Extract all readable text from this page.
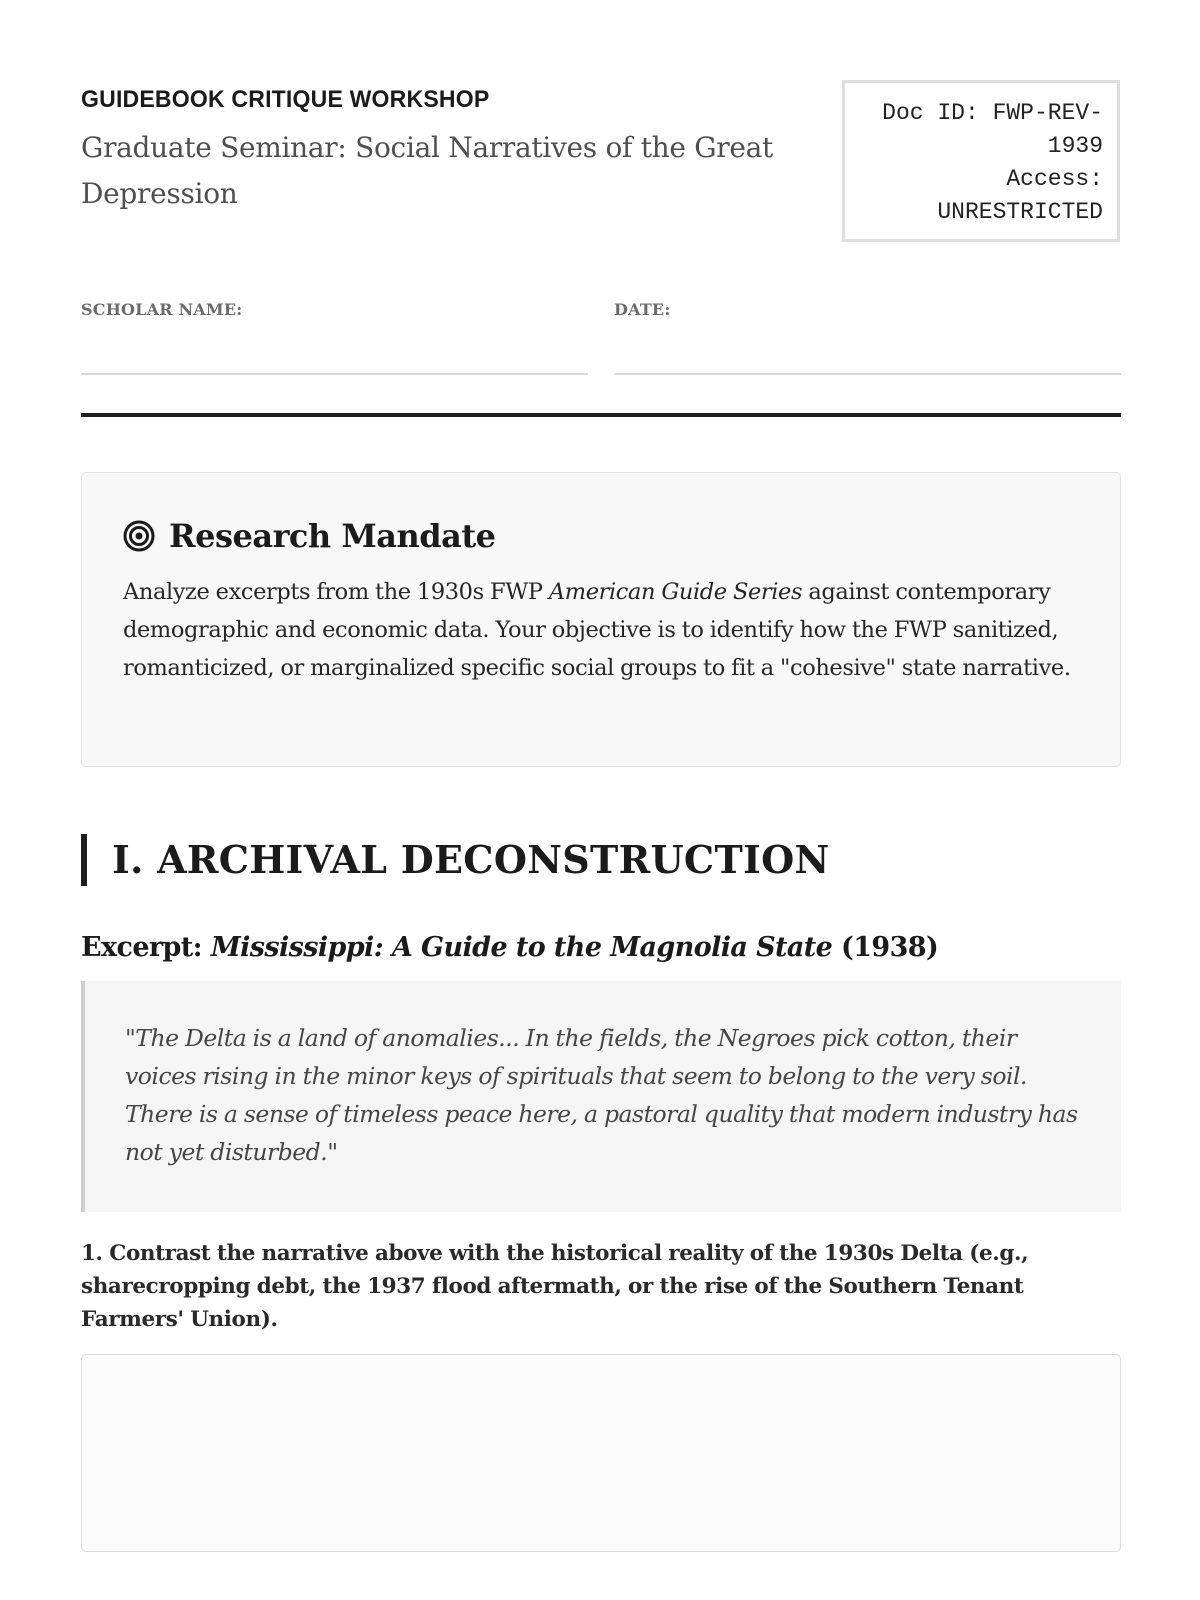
GUIDEBOOK CRITIQUE WORKSHOP
Graduate Seminar: Social Narratives of the Great Depression
Doc ID: FWP-REV-
1939
Access:
UNRESTRICTED
SCHOLAR NAME:	DATE:
Research Mandate
Analyze excerpts from the 1930s FWP American Guide Series against contemporary demographic and economic data. Your objective is to identify how the FWP sanitized, romanticized, or marginalized specific social groups to fit a "cohesive" state narrative.
I. ARCHIVAL DECONSTRUCTION
Excerpt: Mississippi: A Guide to the Magnolia State (1938)
"The Delta is a land of anomalies... In the fields, the Negroes pick cotton, their voices rising in the minor keys of spirituals that seem to belong to the very soil. There is a sense of timeless peace here, a pastoral quality that modern industry has not yet disturbed."
1. Contrast the narrative above with the historical reality of the 1930s Delta (e.g., sharecropping debt, the 1937 flood aftermath, or the rise of the Southern Tenant Farmers' Union).
